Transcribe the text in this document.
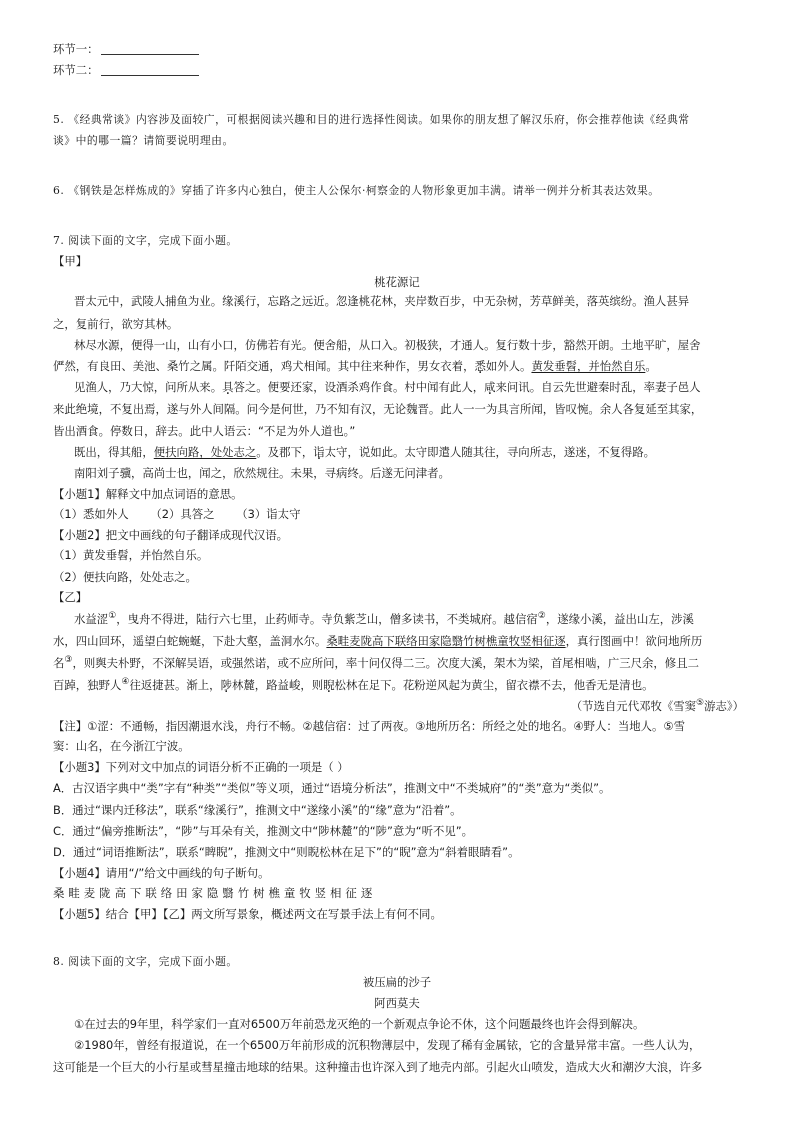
环节一：
环节二：
5. 《经典常谈》内容涉及面较广，可根据阅读兴趣和目的进行选择性阅读。如果你的朋友想了解汉乐府，你会推荐他读《经典常
谈》中的哪一篇？请简要说明理由。
6. 《钢铁是怎样炼成的》穿插了许多内心独白，使主人公保尔·柯察金的人物形象更加丰满。请举一例并分析其表达效果。
7. 阅读下面的文字，完成下面小题。
【甲】
桃花源记
晋太元中，武陵人捕鱼为业。缘溪行，忘路之远近。忽逢桃花林，夹岸数百步，中无杂树，芳草鲜美，落英缤纷。渔人甚异
之，复前行，欲穷其林。
林尽水源，便得一山，山有小口，仿佛若有光。便舍船，从口入。初极狭，才通人。复行数十步，豁然开朗。土地平旷，屋舍
俨然，有良田、美池、桑竹之属。阡陌交通，鸡犬相闻。其中往来种作，男女衣着，悉如外人。黄发垂髫，并怡然自乐。
见渔人，乃大惊，问所从来。具答之。便要还家，设酒杀鸡作食。村中闻有此人，咸来问讯。自云先世避秦时乱，率妻子邑人
来此绝境，不复出焉，遂与外人间隔。问今是何世，乃不知有汉，无论魏晋。此人一一为具言所闻，皆叹惋。余人各复延至其家，
皆出酒食。停数日，辞去。此中人语云：“不足为外人道也。”
既出，得其船，便扶向路，处处志之。及郡下，诣太守，说如此。太守即遣人随其往，寻向所志，遂迷，不复得路。
南阳刘子骥，高尚士也，闻之，欣然规往。未果，寻病终。后遂无问津者。
【小题1】解释文中加点词语的意思。
（1）悉如外人 （2）具答之 （3）诣太守
【小题2】把文中画线的句子翻译成现代汉语。
（1）黄发垂髫，并怡然自乐。
（2）便扶向路，处处志之。
【乙】
水益涩①，曳舟不得进，陆行六七里，止药师寺。寺负紫芝山，僧多读书，不类城府。越信宿②，遂缘小溪，益出山左，涉溪
水，四山回环，遥望白蛇蜿蜒，下赴大壑，盖洞水尔。桑畦麦陇高下联络田家隐翳竹树樵童牧竖相征逐，真行图画中！欲问地所历
名③，则舆夫朴野，不深解吴语，或强然诺，或不应所问，率十问仅得二三。次度大溪，架木为梁，首尾相啮，广三尺余，修且二
百踔，独野人④往返捷甚。渐上，陟林麓，路益峻，则睨松林在足下。花粉逆风起为黄尘，留衣襟不去，他香无是清也。
（节选自元代邓牧《雪窦⑤游志》）
【注】①涩：不通畅，指因潮退水浅，舟行不畅。②越信宿：过了两夜。③地所历名：所经之处的地名。④野人：当地人。⑤雪
窦：山名，在今浙江宁波。
【小题3】下列对文中加点的词语分析不正确的一项是（ ）
A．古汉语字典中“类”字有“种类”“类似”等义项，通过“语境分析法”，推测文中“不类城府”的“类”意为“类似”。
B．通过“课内迁移法”，联系“缘溪行”，推测文中“遂缘小溪”的“缘”意为“沿着”。
C．通过“偏旁推断法”，“陟”与耳朵有关，推测文中“陟林麓”的“陟”意为“听不见”。
D．通过“词语推断法”，联系“睥睨”，推测文中“则睨松林在足下”的“睨”意为“斜着眼睛看”。
【小题4】请用“/”给文中画线的句子断句。
桑畦麦陇高下联络田家隐翳竹树樵童牧竖相征逐
【小题5】结合【甲】【乙】两文所写景象，概述两文在写景手法上有何不同。
8. 阅读下面的文字，完成下面小题。
被压扁的沙子
阿西莫夫
①在过去的9年里，科学家们一直对6500万年前恐龙灭绝的一个新观点争论不休，这个问题最终也许会得到解决。
②1980年，曾经有报道说，在一个6500万年前形成的沉积物薄层中，发现了稀有金属铱，它的含量异常丰富。一些人认为，
这可能是一个巨大的小行星或彗星撞击地球的结果。这种撞击也许深入到了地壳内部。引起火山喷发，造成大火和潮汐大浪，许多
